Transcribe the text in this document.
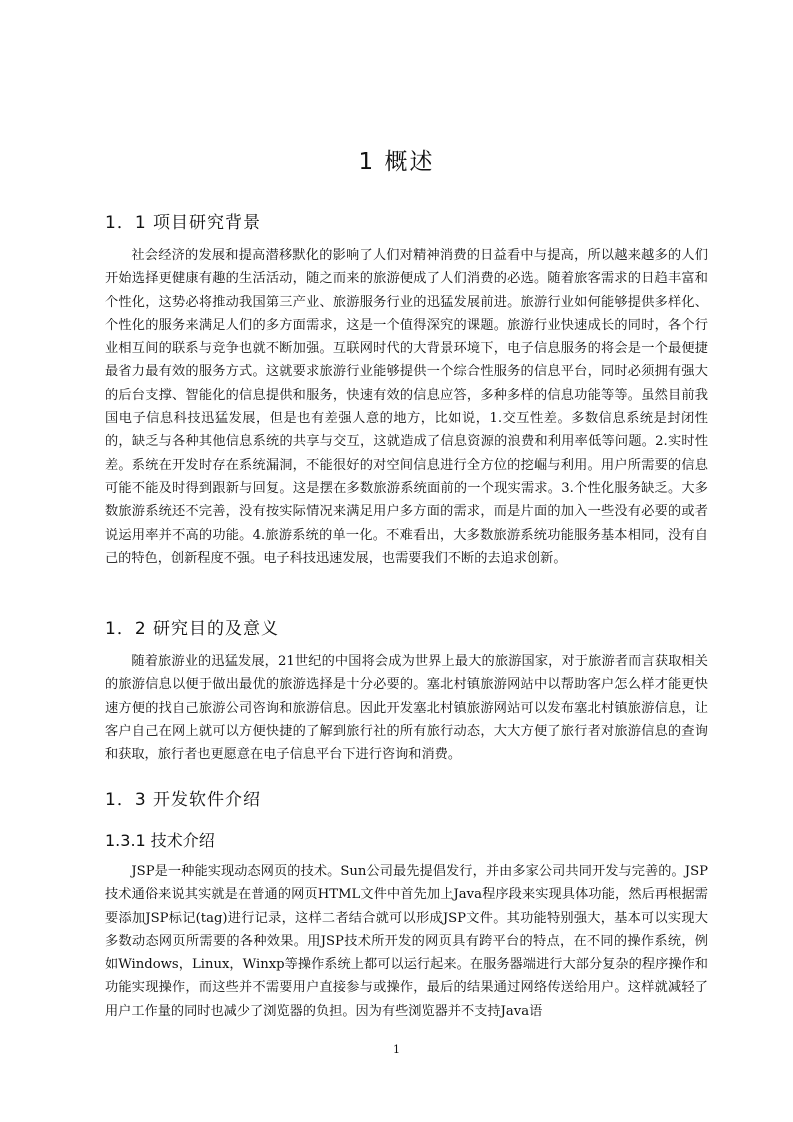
1 概述
1．1 项目研究背景

社会经济的发展和提高潜移默化的影响了人们对精神消费的日益看中与提高，所以越来越多的人们开始选择更健康有趣的生活活动，随之而来的旅游便成了人们消费的必选。随着旅客需求的日趋丰富和个性化，这势必将推动我国第三产业、旅游服务行业的迅猛发展前进。旅游行业如何能够提供多样化、个性化的服务来满足人们的多方面需求，这是一个值得深究的课题。旅游行业快速成长的同时，各个行业相互间的联系与竞争也就不断加强。互联网时代的大背景环境下，电子信息服务的将会是一个最便捷最省力最有效的服务方式。这就要求旅游行业能够提供一个综合性服务的信息平台，同时必须拥有强大的后台支撑、智能化的信息提供和服务，快速有效的信息应答，多种多样的信息功能等等。虽然目前我国电子信息科技迅猛发展，但是也有差强人意的地方，比如说，1.交互性差。多数信息系统是封闭性的，缺乏与各种其他信息系统的共享与交互，这就造成了信息资源的浪费和利用率低等问题。2.实时性差。系统在开发时存在系统漏洞，不能很好的对空间信息进行全方位的挖崛与利用。用户所需要的信息可能不能及时得到跟新与回复。这是摆在多数旅游系统面前的一个现实需求。3.个性化服务缺乏。大多数旅游系统还不完善，没有按实际情况来满足用户多方面的需求，而是片面的加入一些没有必要的或者说运用率并不高的功能。4.旅游系统的单一化。不难看出，大多数旅游系统功能服务基本相同，没有自己的特色，创新程度不强。电子科技迅速发展，也需要我们不断的去追求创新。

1．2 研究目的及意义

随着旅游业的迅猛发展，21世纪的中国将会成为世界上最大的旅游国家，对于旅游者而言获取相关的旅游信息以便于做出最优的旅游选择是十分必要的。塞北村镇旅游网站中以帮助客户怎么样才能更快速方便的找自己旅游公司咨询和旅游信息。因此开发塞北村镇旅游网站可以发布塞北村镇旅游信息，让客户自己在网上就可以方便快捷的了解到旅行社的所有旅行动态，大大方便了旅行者对旅游信息的查询和获取，旅行者也更愿意在电子信息平台下进行咨询和消费。

1．3 开发软件介绍
1.3.1 技术介绍

JSP是一种能实现动态网页的技术。Sun公司最先提倡发行，并由多家公司共同开发与完善的。JSP技术通俗来说其实就是在普通的网页HTML文件中首先加上Java程序段来实现具体功能，然后再根据需要添加JSP标记(tag)进行记录，这样二者结合就可以形成JSP文件。其功能特别强大，基本可以实现大多数动态网页所需要的各种效果。用JSP技术所开发的网页具有跨平台的特点，在不同的操作系统，例如Windows，Linux，Winxp等操作系统上都可以运行起来。在服务器端进行大部分复杂的程序操作和功能实现操作，而这些并不需要用户直接参与或操作，最后的结果通过网络传送给用户。这样就减轻了用户工作量的同时也减少了浏览器的负担。因为有些浏览器并不支持Java语

1
